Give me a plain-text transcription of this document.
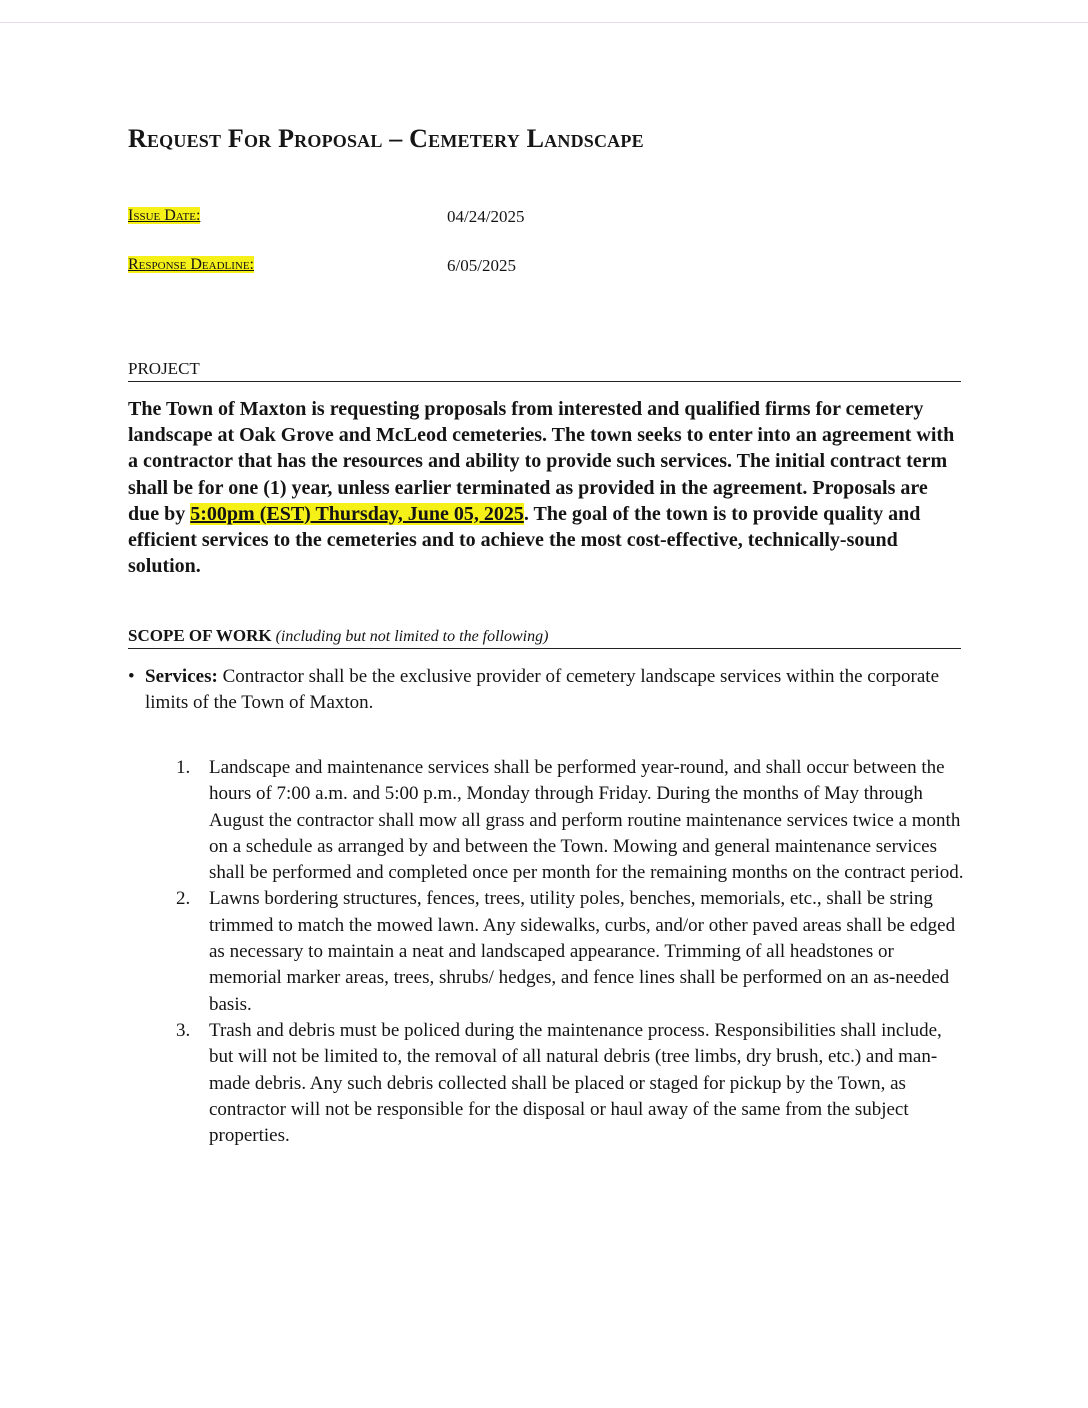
Request For Proposal – Cemetery Landscape
Issue Date:	04/24/2025
Response Deadline:	6/05/2025
PROJECT

The Town of Maxton is requesting proposals from interested and qualified firms for cemetery landscape at Oak Grove and McLeod cemeteries. The town seeks to enter into an agreement with a contractor that has the resources and ability to provide such services. The initial contract term shall be for one (1) year, unless earlier terminated as provided in the agreement. Proposals are due by 5:00pm (EST) Thursday, June 05, 2025. The goal of the town is to provide quality and efficient services to the cemeteries and to achieve the most cost-effective, technically-sound solution.

SCOPE OF WORK (including but not limited to the following)

• Services: Contractor shall be the exclusive provider of cemetery landscape services within the corporate limits of the Town of Maxton.

1. Landscape and maintenance services shall be performed year-round, and shall occur between the hours of 7:00 a.m. and 5:00 p.m., Monday through Friday. During the months of May through August the contractor shall mow all grass and perform routine maintenance services twice a month on a schedule as arranged by and between the Town. Mowing and general maintenance services shall be performed and completed once per month for the remaining months on the contract period.
2. Lawns bordering structures, fences, trees, utility poles, benches, memorials, etc., shall be string trimmed to match the mowed lawn. Any sidewalks, curbs, and/or other paved areas shall be edged as necessary to maintain a neat and landscaped appearance. Trimming of all headstones or memorial marker areas, trees, shrubs/ hedges, and fence lines shall be performed on an as-needed basis.
3. Trash and debris must be policed during the maintenance process. Responsibilities shall include, but will not be limited to, the removal of all natural debris (tree limbs, dry brush, etc.) and man-made debris. Any such debris collected shall be placed or staged for pickup by the Town, as contractor will not be responsible for the disposal or haul away of the same from the subject properties.
